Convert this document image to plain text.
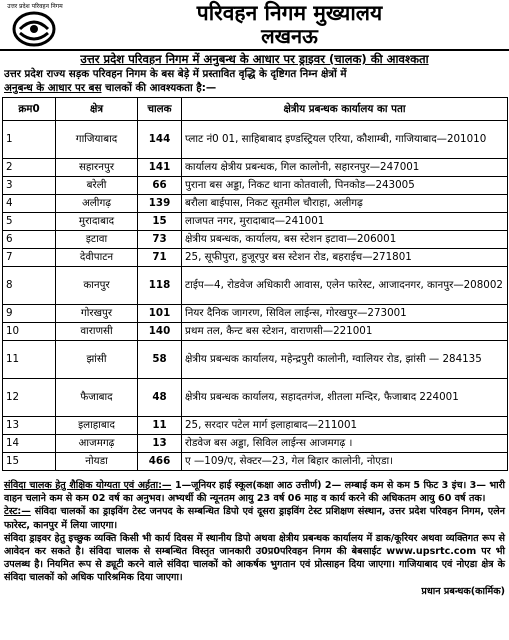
उत्तर प्रदेश परिवहन निगम	परिवहन निगम मुख्यालय
लखनऊ
उत्तर प्रदेश परिवहन निगम में अनुबन्ध के आधार पर ड्राइवर (चालक) की आवश्कता
उत्तर प्रदेश राज्य सड़क परिवहन निगम के बस बेड़े में प्रस्तावित वृद्धि के दृष्टिगत निम्न क्षेत्रों में
अनुबन्ध के आधार पर बस चालकों की आवश्यकता है:—
क्रम0	क्षेत्र	चालक	क्षेत्रीय प्रबन्धक कार्यालय का पता
1	गाजियाबाद	144	प्लाट नं0 01, साहिबाबाद इण्डस्ट्रियल एरिया, कौशाम्बी, गाजियाबाद—201010
2	सहारनपुर	141	कार्यालय क्षेत्रीय प्रबन्धक, गिल कालोनी, सहारनपुर—247001
3	बरेली	66	पुराना बस अड्डा, निकट थाना कोतवाली, पिनकोड—243005
4	अलीगढ़	139	बरौला बाईपास, निकट सूतमील चौराहा, अलीगढ़
5	मुरादाबाद	15	लाजपत नगर, मुरादाबाद—241001
6	इटावा	73	क्षेत्रीय प्रबन्धक, कार्यालय, बस स्टेशन इटावा—206001
7	देवीपाटन	71	25, सूफीपुरा, हुजूरपुर बस स्टेशन रोड, बहराईच—271801
8	कानपुर	118	टाईप—4, रोडवेज अधिकारी आवास, एलेन फारेस्ट, आजादनगर, कानपुर—208002
9	गोरखपुर	101	नियर दैनिक जागरण, सिविल लाईन्स, गोरखपुर—273001
10	वाराणसी	140	प्रथम तल, कैन्ट बस स्टेशन, वाराणसी—221001
11	झांसी	58	क्षेत्रीय प्रबन्धक कार्यालय, महेन्द्रपुरी कालोनी, ग्वालियर रोड, झांसी — 284135
12	फैजाबाद	48	क्षेत्रीय प्रबन्धक कार्यालय, सहादतगंज, शीतला मन्दिर, फैजाबाद 224001
13	इलाहाबाद	11	25, सरदार पटेल मार्ग इलाहाबाद—211001
14	आजमगढ़	13	रोडवेज बस अड्डा, सिविल लाईन्स आजमगढ़ ।
15	नोयडा	466	ए —109/ए, सेक्टर—23, गेल बिहार कालोनी, नोएडा।

संविदा चालक हेतु शैक्षिक योग्यता एवं अर्हता:— 1—जूनियर हाई स्कूल(कक्षा आठ उत्तीर्ण) 2— लम्बाई कम से कम 5 फिट 3 इंच। 3— भारी वाहन चलाने कम से कम 02 वर्ष का अनुभव। अभ्यर्थी की न्यूनतम आयु 23 वर्ष 06 माह व कार्य करने की अधिकतम आयु 60 वर्ष तक।

टेस्ट:— संविदा चालकों का ड्राइविंग टेस्ट जनपद के सम्बन्धित डिपो एवं दूसरा ड्राइविंग टेस्ट प्रशिक्षण संस्थान, उत्तर प्रदेश परिवहन निगम, एलेन फारेस्ट, कानपुर में लिया जाएगा।

संविदा ड्राइवर हेतु इच्छुक व्यक्ति किसी भी कार्य दिवस में स्थानीय डिपो अथवा क्षेत्रीय प्रबन्धक कार्यालय में डाक/कूरियर अथवा व्यक्तिगत रूप से आवेदन कर सकते है। संविदा चालक से सम्बन्धित विस्तृत जानकारी उ0प्र0परिवहन निगम की बेबसाईट www.upsrtc.com पर भी उपलब्ध है। नियमित रूप से ड्यूटी करने वाले संविदा चालकों को आकर्षक भुगतान एवं प्रोत्साहन दिया जाएगा। गाजियाबाद एवं नोएडा क्षेत्र के संविदा चालकों को अधिक पारिश्रमिक दिया जाएगा।

प्रधान प्रबन्धक(कार्मिक)
